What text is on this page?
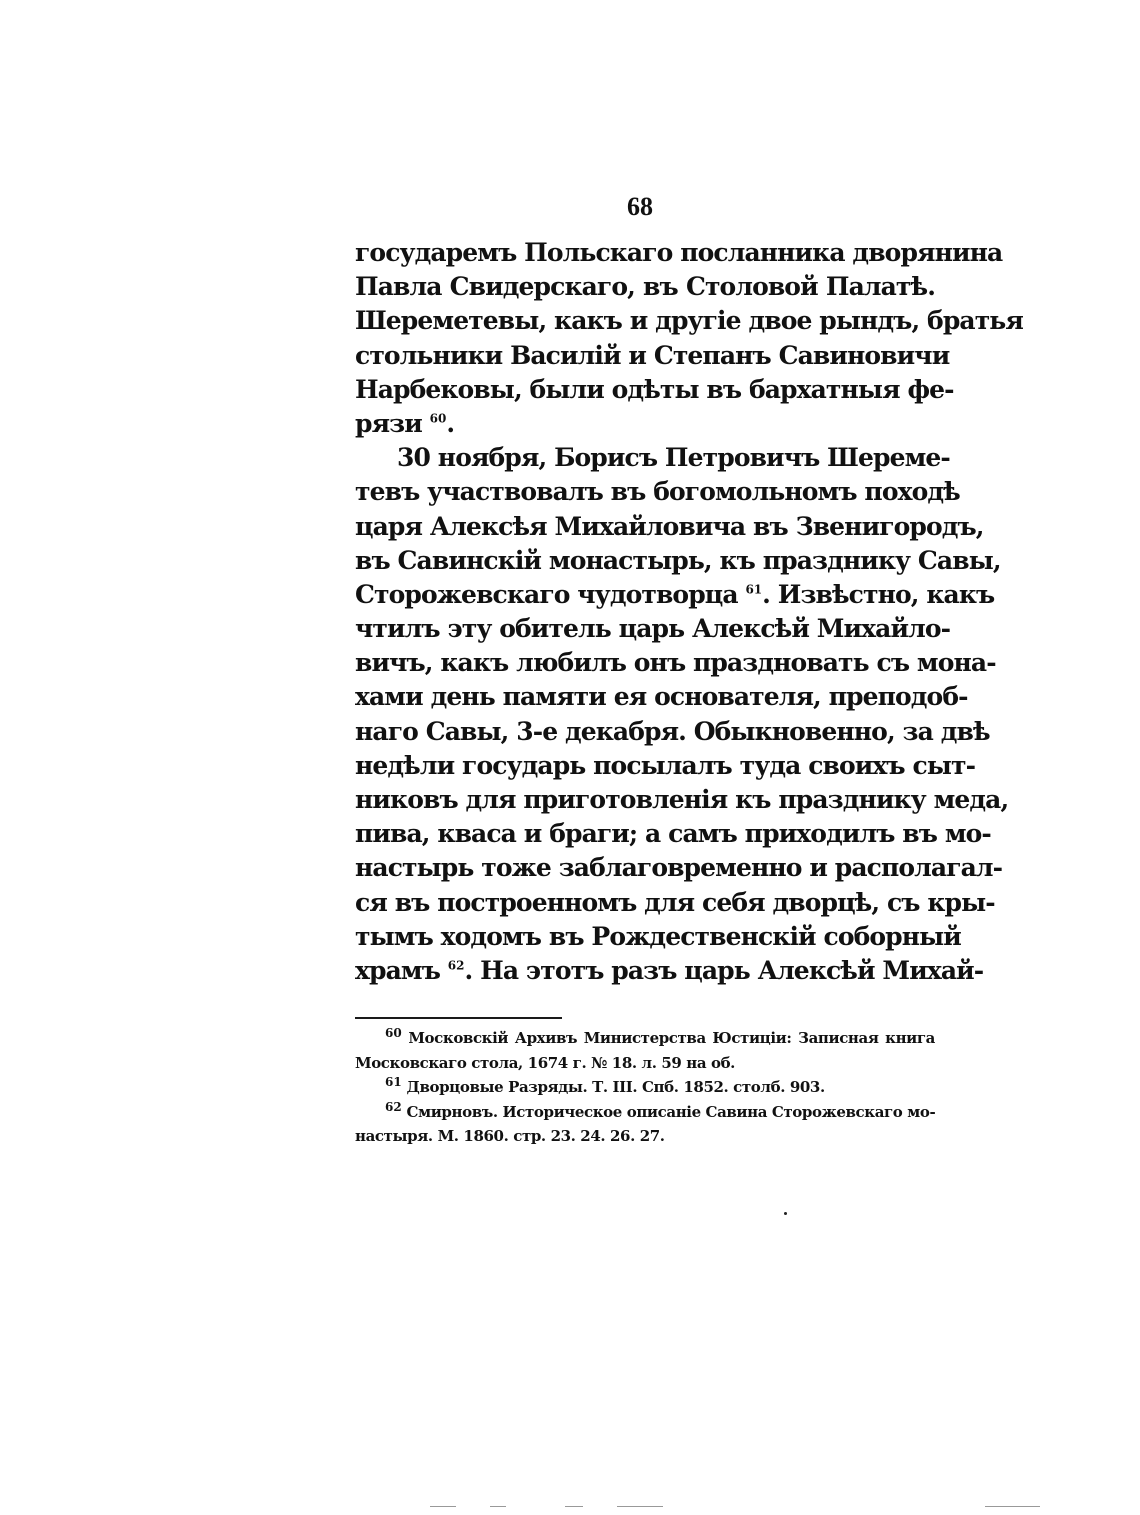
68
государемъ Польскаго посланника дворянина
Павла Свидерскаго, въ Столовой Палатѣ.
Шереметевы, какъ и другіе двое рындъ, братья
стольники Василій и Степанъ Савиновичи
Нарбековы, были одѣты въ бархатныя фе-
рязи $^{60}$.
30 ноября, Борисъ Петровичъ Шереме-
тевъ участвовалъ въ богомольномъ походѣ
царя Алексѣя Михайловича въ Звенигородъ,
въ Савинскій монастырь, къ празднику Савы,
Сторожевскаго чудотворца $^{61}$. Извѣстно, какъ
чтилъ эту обитель царь Алексѣй Михайло-
вичъ, какъ любилъ онъ праздновать съ мона-
хами день памяти ея основателя, преподоб-
наго Савы, 3-е декабря. Обыкновенно, за двѣ
недѣли государь посылалъ туда своихъ сыт-
никовъ для приготовленія къ празднику меда,
пива, кваса и браги; а самъ приходилъ въ мо-
настырь тоже заблаговременно и располагал-
ся въ построенномъ для себя дворцѣ, съ кры-
тымъ ходомъ въ Рождественскій соборный
храмъ $^{62}$. На этотъ разъ царь Алексѣй Михай-
$^{60}$ Московскій Архивъ Министерства Юстиціи: Записная книга
Московскаго стола, 1674 г. № 18. л. 59 на об.
$^{61}$ Дворцовые Разряды. Т. III. Спб. 1852. столб. 903.
$^{62}$ Смирновъ. Историческое описаніе Савина Сторожевскаго мо-
настыря. М. 1860. стр. 23. 24. 26. 27.
